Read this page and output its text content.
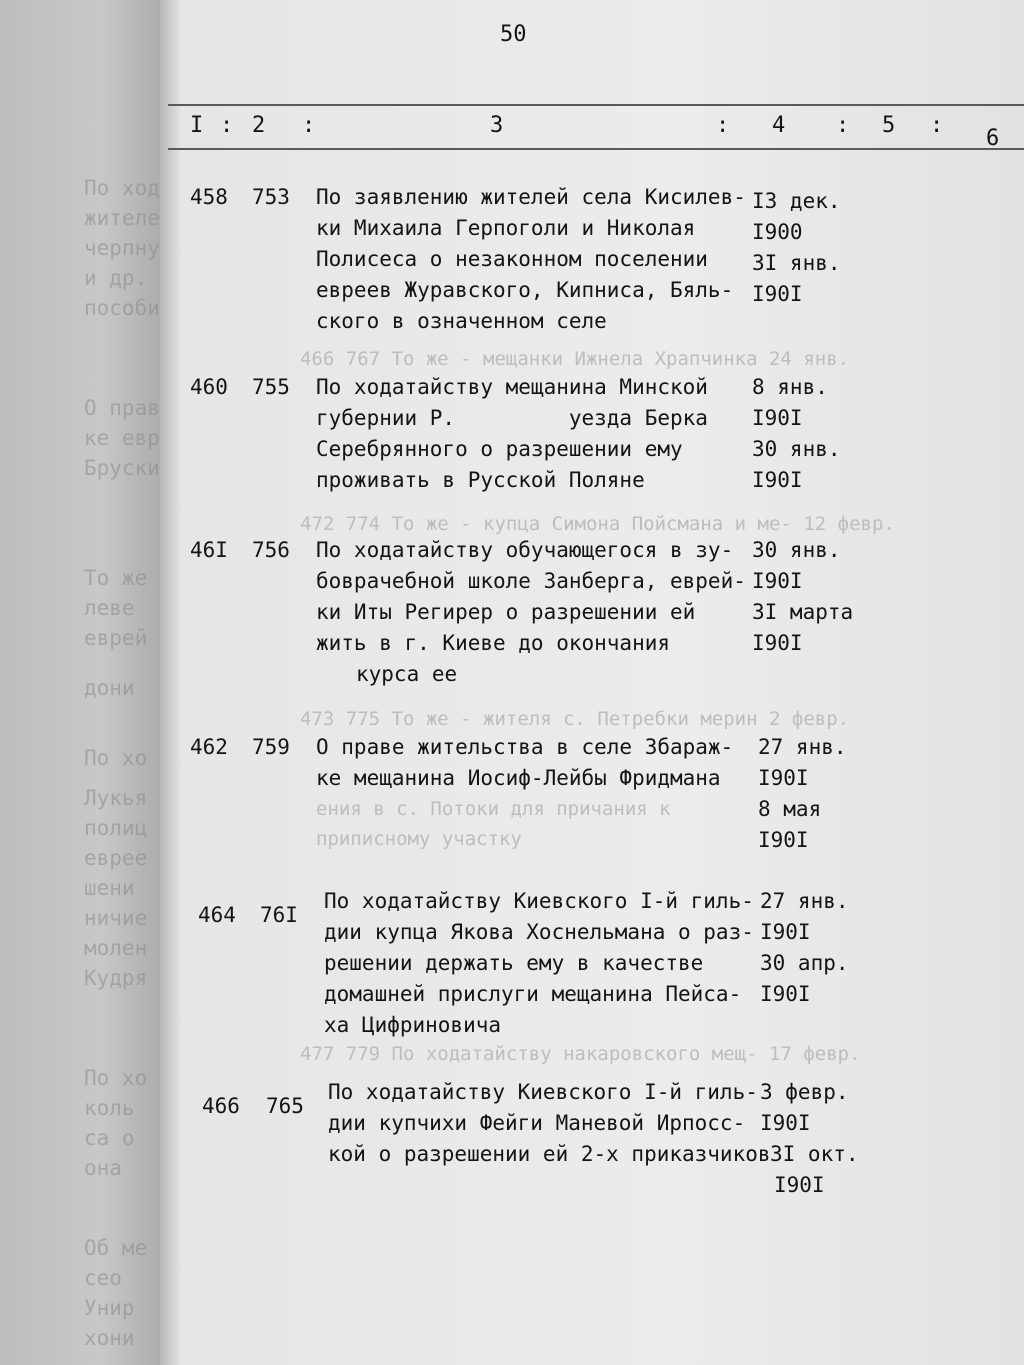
По ход
жителе
черпну
и др.
пособи
О прав
ке евр
Бруски
То же
леве
еврей
дони
По хо
Лукья
полиц
еврее
шени
ничие
молен
Кудря
По хо
коль
са о
она
Об ме
сео
Унир
хони
466 767 То же - мещанки Ижнела Храпчинка 24 янв.
472 774 То же - купца Симона Пойсмана и ме- 12 февр.
473 775 То же - жителя с. Петребки мерин 2 февр.
ения в с. Потоки для причания к
приписному участку
477 779 По ходатайству накаровского мещ- 17 февр.
50
I : 2 :	3	: 4 : 5 :
6
458 753 По заявлению жителей села Кисилев-
ки Михаила Герпоголи и Николая
Полисеса о незаконном поселении
евреев Журавского, Кипниса, Бяль-
ского в означенном селе
I3 дек.
I900
3I янв.
I90I
460 755 По ходатайству мещанина Минской
губернии Р.         уезда Берка
Серебрянного о разрешении ему
проживать в Русской Поляне
8 янв.
I90I
30 янв.
I90I
46I 756 По ходатайству обучающегося в зу-
боврачебной школе Занберга, еврей-
ки Иты Регирер о разрешении ей
жить в г. Киеве до окончания
курса ее
30 янв.
I90I
3I марта
I90I
462 759 О праве жительства в селе Збараж-
ке мещанина Иосиф-Лейбы Фридмана
27 янв.
I90I
8 мая
I90I
464 76I
По ходатайству Киевского I-й гиль-
дии купца Якова Хоснельмана о раз-
решении держать ему в качестве
домашней прислуги мещанина Пейса-
ха Цифриновича
27 янв.
I90I
30 апр.
I90I
466 765
По ходатайству Киевского I-й гиль-
дии купчихи Фейги Маневой Ирпосс-
кой о разрешении ей 2-х приказчиков
3 февр.
I90I
3I окт.
I90I
